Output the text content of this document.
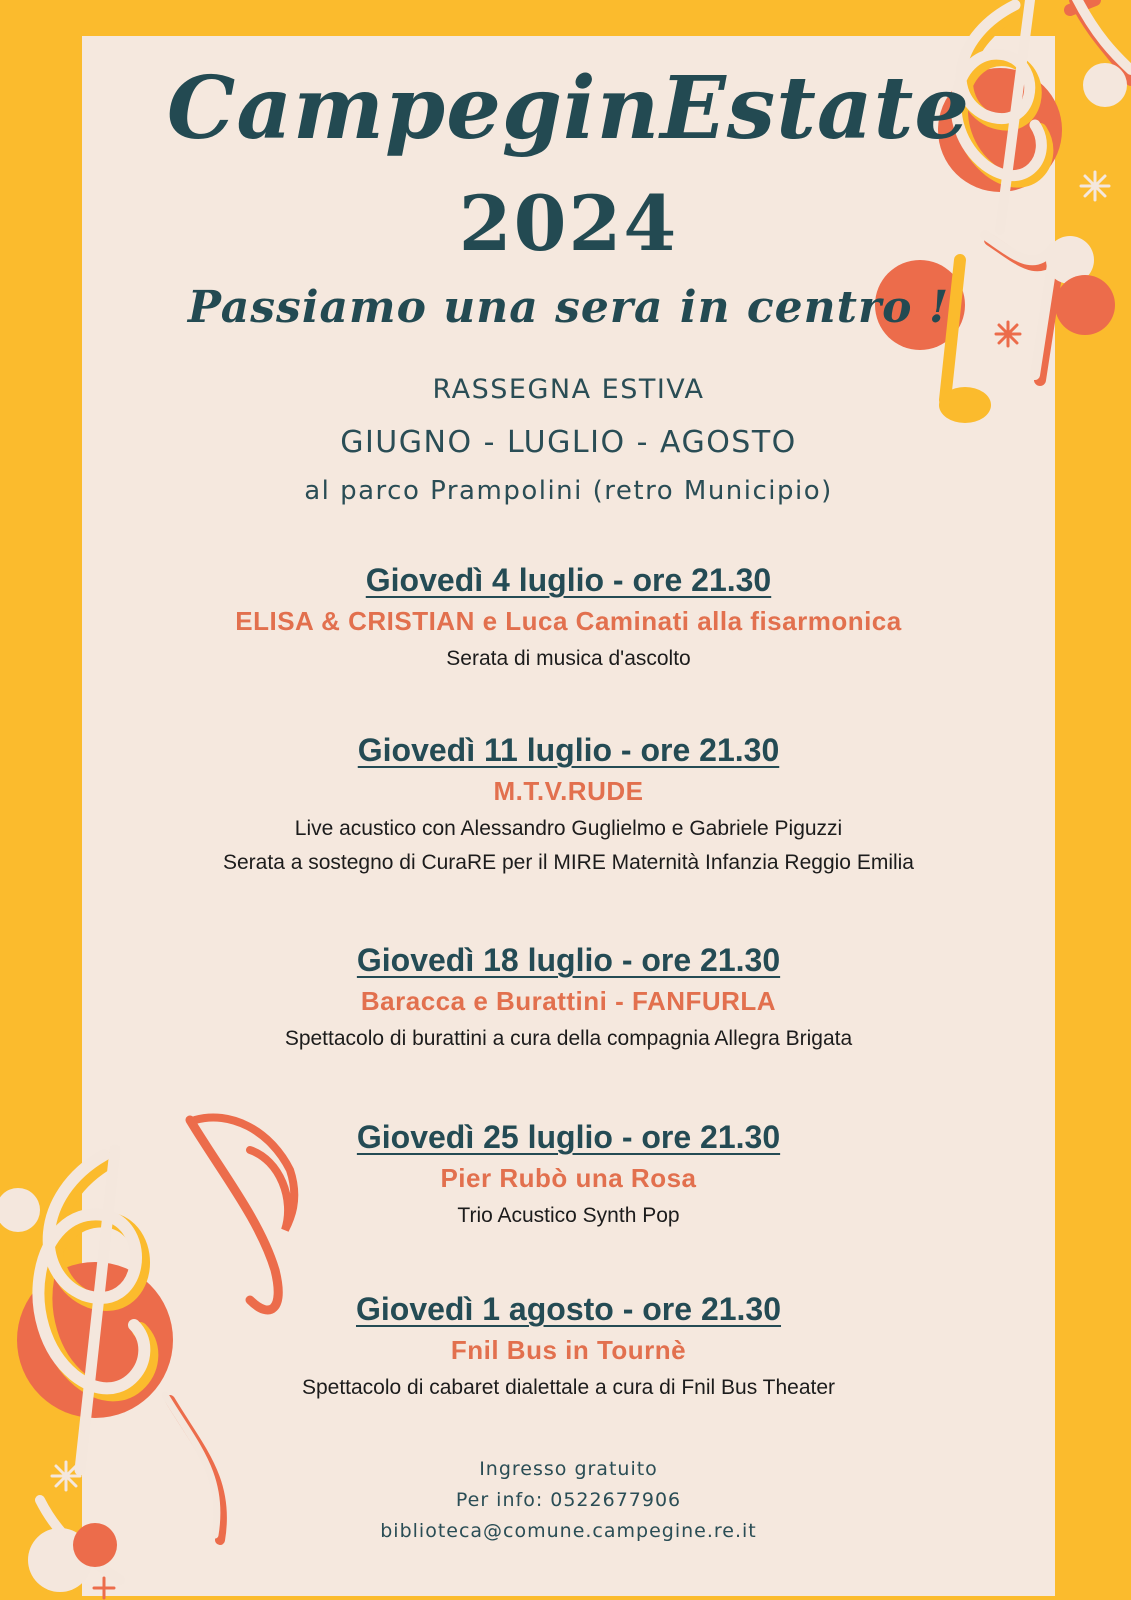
CampeginEstate
2024
Passiamo una sera in centro !
RASSEGNA ESTIVA
GIUGNO - LUGLIO - AGOSTO
al parco Prampolini (retro Municipio)
Giovedì 4 luglio - ore 21.30
ELISA & CRISTIAN e Luca Caminati alla fisarmonica
Serata di musica d'ascolto
Giovedì 11 luglio - ore 21.30
M.T.V.RUDE
Live acustico con Alessandro Guglielmo e Gabriele Piguzzi
Serata a sostegno di CuraRE per il MIRE Maternità Infanzia Reggio Emilia
Giovedì 18 luglio - ore 21.30
Baracca e Burattini - FANFURLA
Spettacolo di burattini a cura della compagnia Allegra Brigata
Giovedì 25 luglio - ore 21.30
Pier Rubò una Rosa
Trio Acustico Synth Pop
Giovedì 1 agosto - ore 21.30
Fnil Bus in Tournè
Spettacolo di cabaret dialettale a cura di Fnil Bus Theater
Ingresso gratuito
Per info: 0522677906
biblioteca@comune.campegine.re.it
